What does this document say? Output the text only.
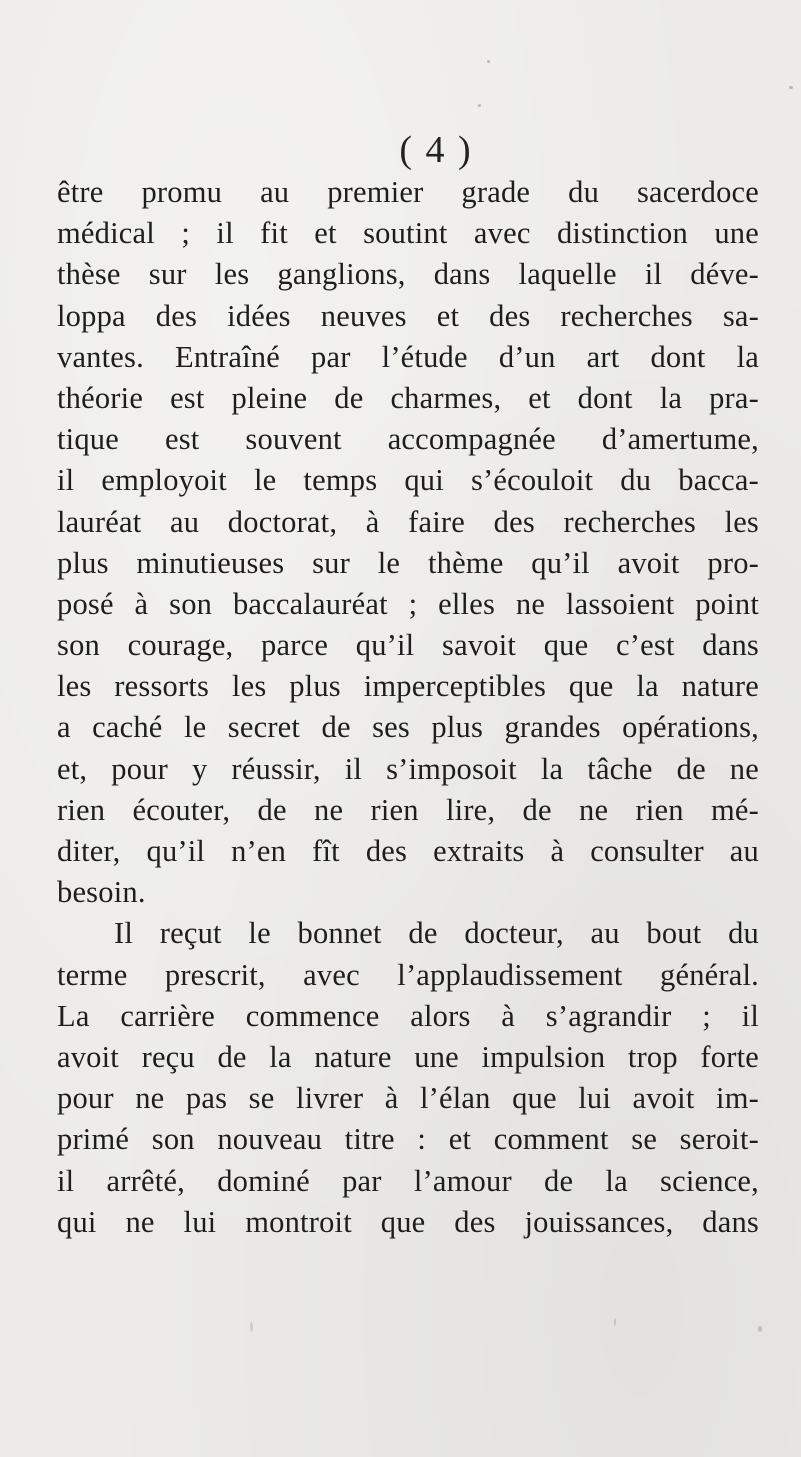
( 4 )
être promu au premier grade du sacerdoce
médical ; il fit et soutint avec distinction une
thèse sur les ganglions, dans laquelle il déve-
loppa des idées neuves et des recherches sa-
vantes. Entraîné par l’étude d’un art dont la
théorie est pleine de charmes, et dont la pra-
tique est souvent accompagnée d’amertume,
il employoit le temps qui s’écouloit du bacca-
lauréat au doctorat, à faire des recherches les
plus minutieuses sur le thème qu’il avoit pro-
posé à son baccalauréat ; elles ne lassoient point
son courage, parce qu’il savoit que c’est dans
les ressorts les plus imperceptibles que la nature
a caché le secret de ses plus grandes opérations,
et, pour y réussir, il s’imposoit la tâche de ne
rien écouter, de ne rien lire, de ne rien mé-
diter, qu’il n’en fît des extraits à consulter au
besoin.
Il reçut le bonnet de docteur, au bout du
terme prescrit, avec l’applaudissement général.
La carrière commence alors à s’agrandir ; il
avoit reçu de la nature une impulsion trop forte
pour ne pas se livrer à l’élan que lui avoit im-
primé son nouveau titre : et comment se seroit-
il arrêté, dominé par l’amour de la science,
qui ne lui montroit que des jouissances, dans
